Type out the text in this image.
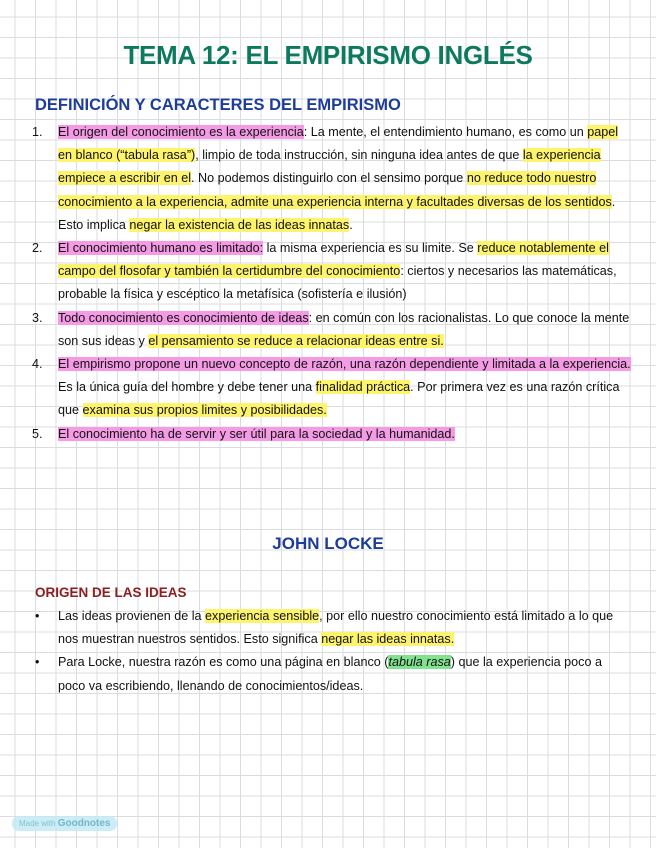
TEMA 12: EL EMPIRISMO INGLÉS
DEFINICIÓN Y CARACTERES DEL EMPIRISMO
1. El origen del conocimiento es la experiencia: La mente, el entendimiento humano, es como un papel en blanco (“tabula rasa”), limpio de toda instrucción, sin ninguna idea antes de que la experiencia empiece a escribir en el. No podemos distinguirlo con el sensimo porque no reduce todo nuestro conocimiento a la experiencia, admite una experiencia interna y facultades diversas de los sentidos. Esto implica negar la existencia de las ideas innatas.
2. El conocimiento humano es limitado: la misma experiencia es su limite. Se reduce notablemente el campo del flosofar y también la certidumbre del conocimiento: ciertos y necesarios las matemáticas, probable la física y escéptico la metafísica (sofistería e ilusión)
3. Todo conocimiento es conocimiento de ideas: en común con los racionalistas. Lo que conoce la mente son sus ideas y el pensamiento se reduce a relacionar ideas entre si.
4. El empirismo propone un nuevo concepto de razón, una razón dependiente y limitada a la experiencia. Es la única guía del hombre y debe tener una finalidad práctica. Por primera vez es una razón crítica que examina sus propios limites y posibilidades.
5. El conocimiento ha de servir y ser útil para la sociedad y la humanidad.
JOHN LOCKE
ORIGEN DE LAS IDEAS
• Las ideas provienen de la experiencia sensible, por ello nuestro conocimiento está limitado a lo que nos muestran nuestros sentidos. Esto significa negar las ideas innatas.
• Para Locke, nuestra razón es como una página en blanco (tabula rasa) que la experiencia poco a poco va escribiendo, llenando de conocimientos/ideas.
Made with Goodnotes
